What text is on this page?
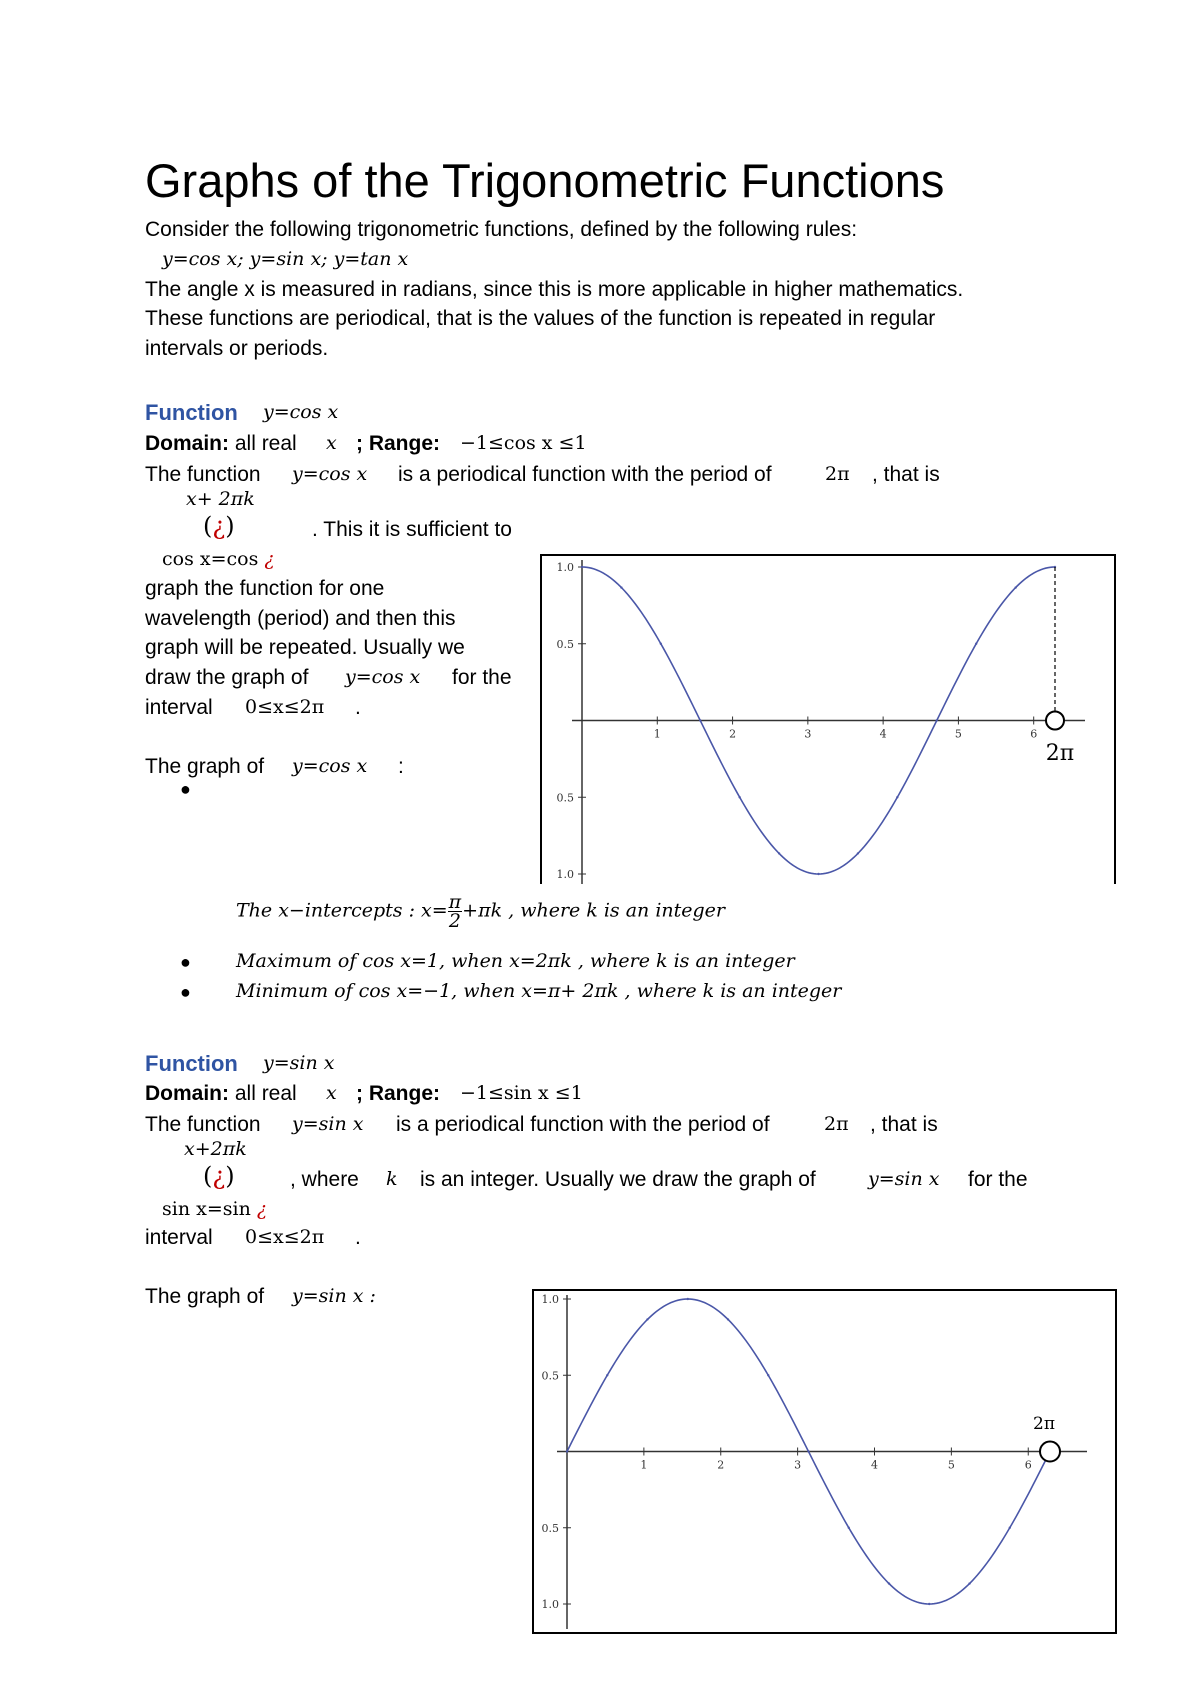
Graphs of the Trigonometric Functions
Consider the following trigonometric functions, defined by the following rules:
y=cos x; y=sin x; y=tan x
The angle x is measured in radians, since this is more applicable in higher mathematics.
These functions are periodical, that is the values of the function is repeated in regular
intervals or periods.
Function y=cos x
Domain: all real x ; Range: −1≤cos x ≤1
The function y=cos x is a periodical function with the period of	2π , that is
x+ 2πk
(¿)	. This it is sufficient to
cos x=cos ¿
graph the function for one
wavelength (period) and then this
graph will be repeated. Usually we
draw the graph of y=cos x for the
interval 0≤x≤2π .
The graph of y=cos x :
●
1	2	3	4	5	6
1.0
0.5
0.5
1.0
2π
The x−intercepts : $x= \frac{\pi}{2} +\pi k$ , where k is an integer
● Maximum of cos x=1, when x=2πk , where k is an integer
● Minimum of cos x=−1, when x=π+ 2πk , where k is an integer
Function y=sin x
Domain: all real x ; Range: −1≤sin x ≤1
The function y=sin x is a periodical function with the period of	2π , that is
x+2πk
(¿)	, where k is an integer. Usually we draw the graph of	y=sin x for the
sin x=sin ¿
interval 0≤x≤2π .
The graph of y=sin x :
1	2	3	4	5	6
1.0
0.5
0.5
1.0
2π
